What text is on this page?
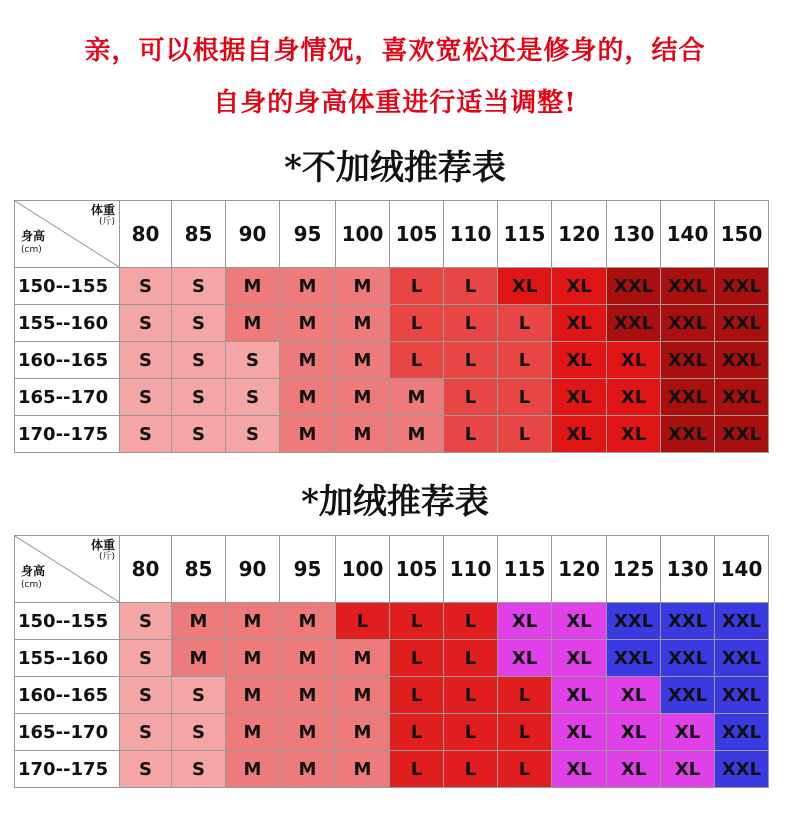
亲，可以根据自身情况，喜欢宽松还是修身的，结合
自身的身高体重进行适当调整!
*不加绒推荐表
体重
(斤)
身高
(cm)	80	85	90	95	100	105	110	115	120	130	140	150
150--155	S	S	M	M	M	L	L	XL	XL	XXL	XXL	XXL
155--160	S	S	M	M	M	L	L	L	XL	XXL	XXL	XXL
160--165	S	S	S	M	M	L	L	L	XL	XL	XXL	XXL
165--170	S	S	S	M	M	M	L	L	XL	XL	XXL	XXL
170--175	S	S	S	M	M	M	L	L	XL	XL	XXL	XXL
*加绒推荐表
体重
(斤)
身高
(cm)	80	85	90	95	100	105	110	115	120	125	130	140
150--155	S	M	M	M	L	L	L	XL	XL	XXL	XXL	XXL
155--160	S	M	M	M	M	L	L	XL	XL	XXL	XXL	XXL
160--165	S	S	M	M	M	L	L	L	XL	XL	XXL	XXL
165--170	S	S	M	M	M	L	L	L	XL	XL	XL	XXL
170--175	S	S	M	M	M	L	L	L	XL	XL	XL	XXL
